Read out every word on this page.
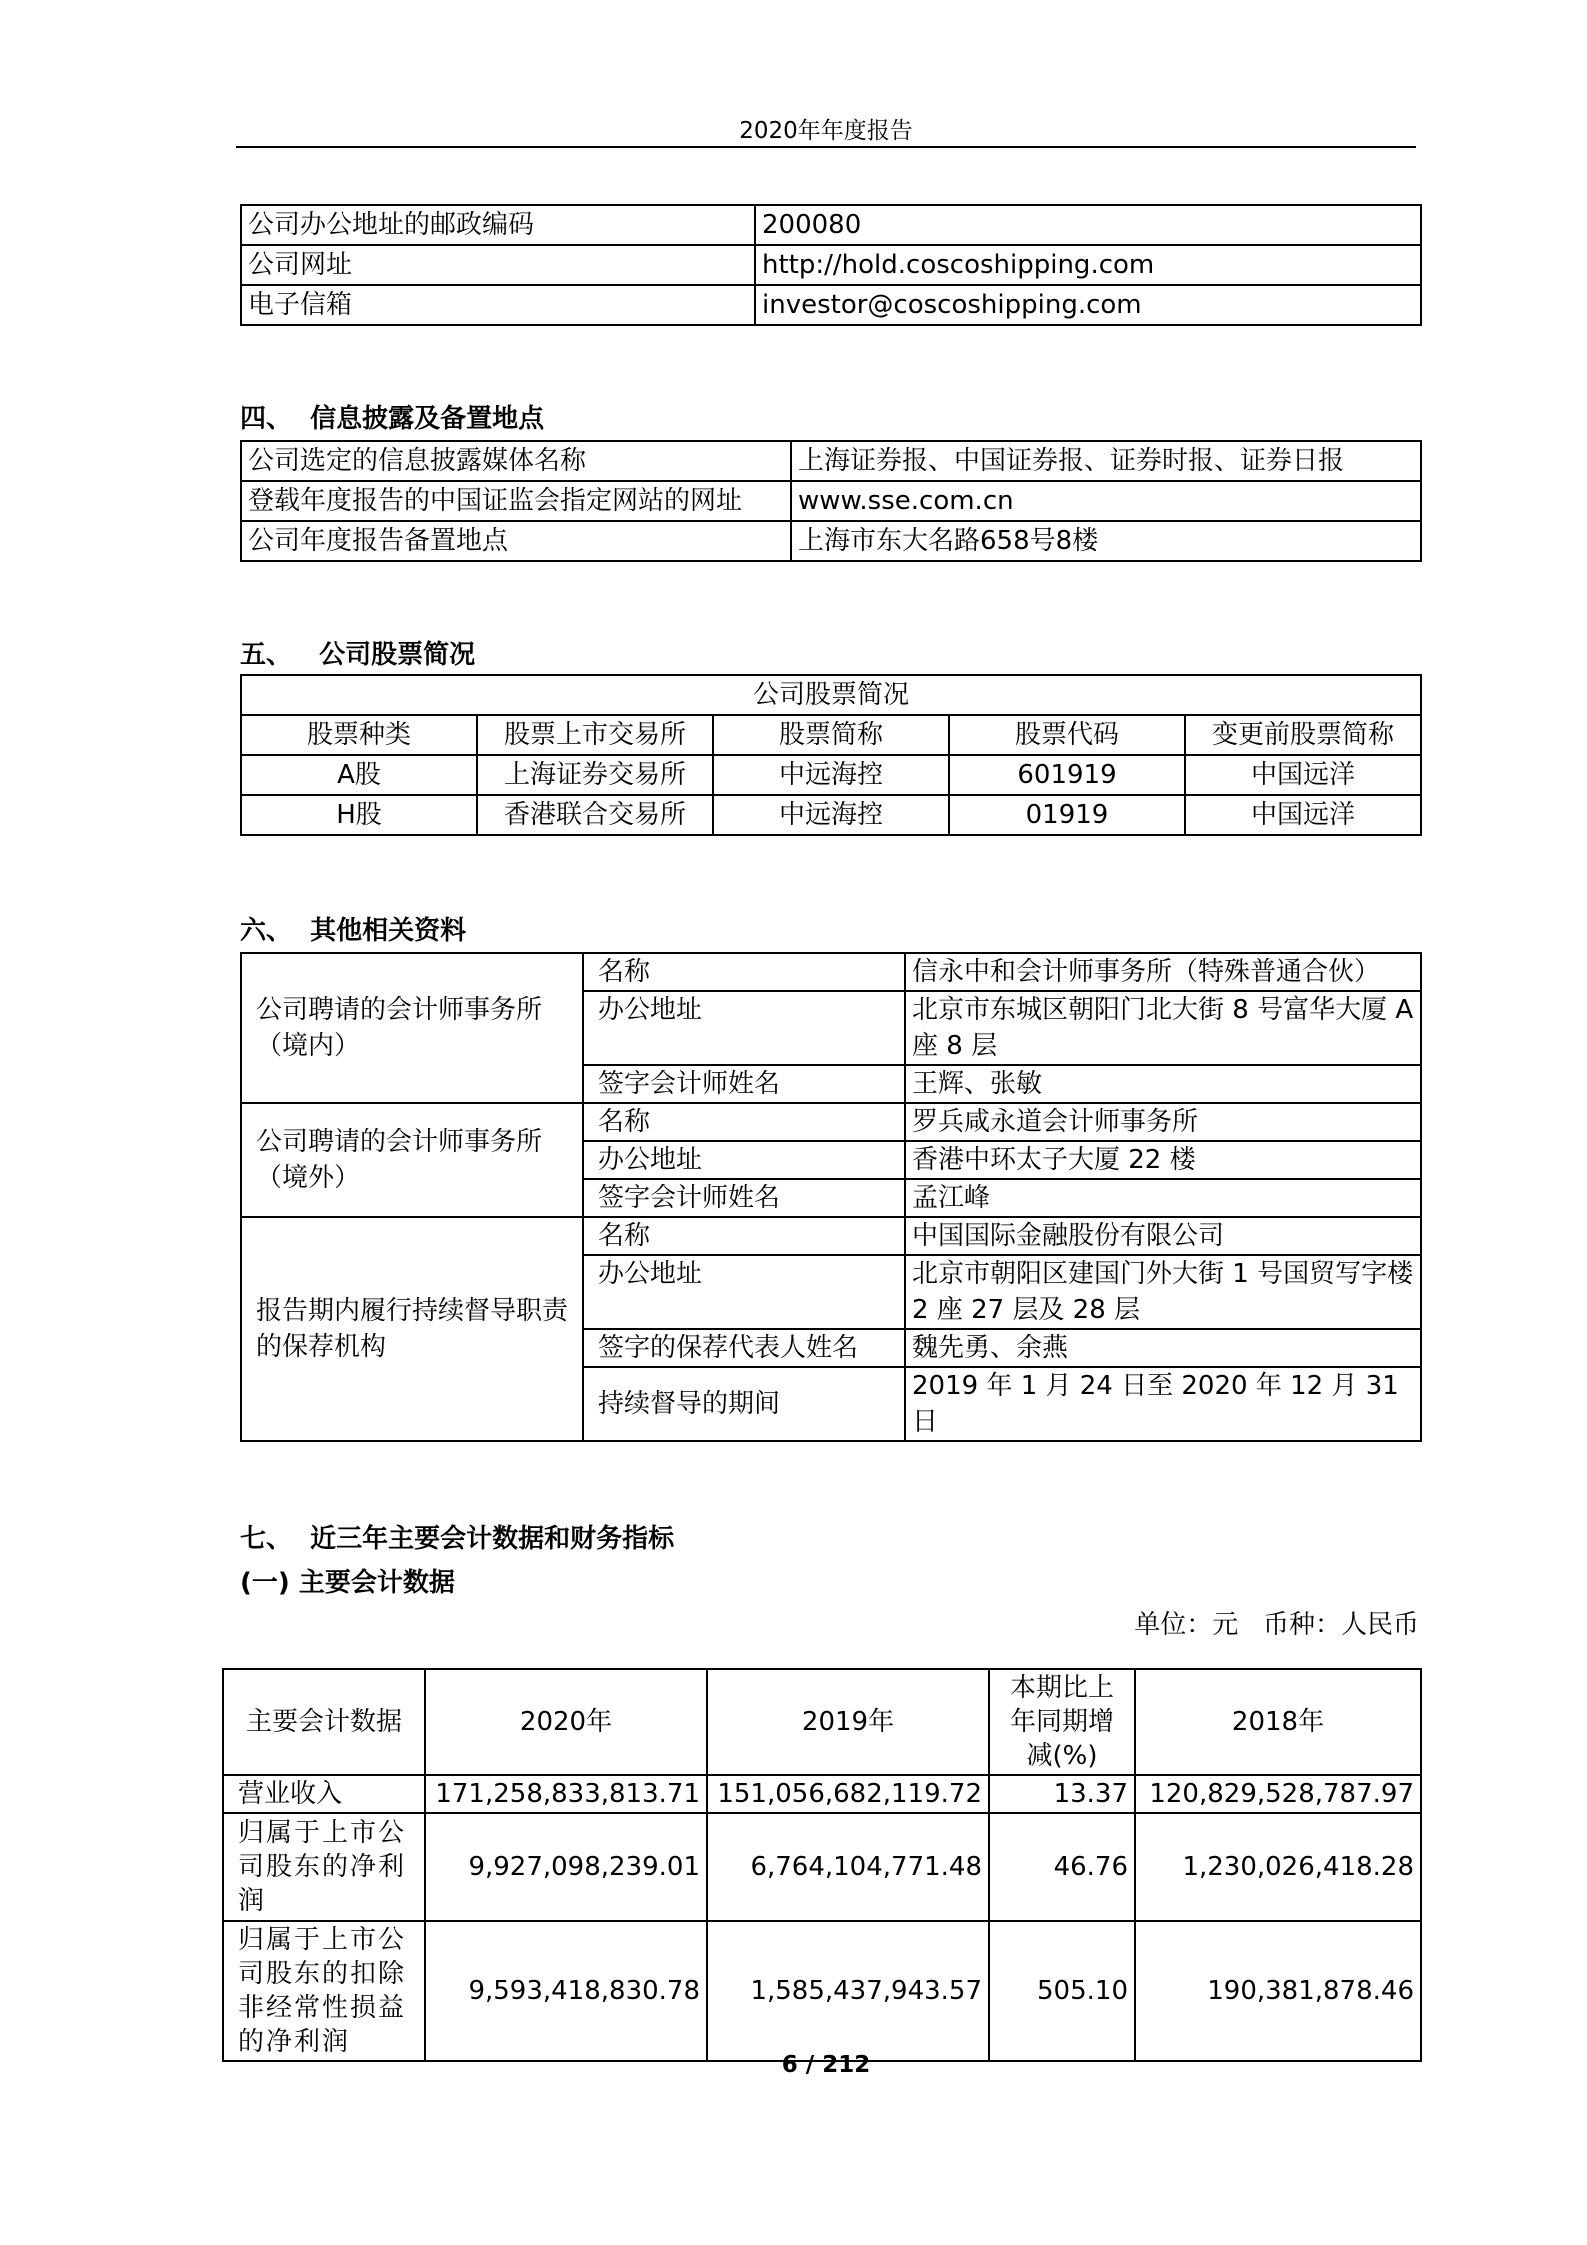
2020年年度报告
公司办公地址的邮政编码	200080
公司网址	http://hold.coscoshipping.com
电子信箱	investor@coscoshipping.com
四、  信息披露及备置地点
公司选定的信息披露媒体名称	上海证券报、中国证券报、证券时报、证券日报
登载年度报告的中国证监会指定网站的网址	www.sse.com.cn
公司年度报告备置地点	上海市东大名路658号8楼
五、   公司股票简况
公司股票简况				
股票种类	股票上市交易所	股票简称	股票代码	变更前股票简称
A股	上海证券交易所	中远海控	601919	中国远洋
H股	香港联合交易所	中远海控	01919	中国远洋
六、  其他相关资料
公司聘请的会计师事务所（境内）	名称	信永中和会计师事务所（特殊普通合伙）
	办公地址	北京市东城区朝阳门北大街 8 号富华大厦 A 座 8 层
	签字会计师姓名	王辉、张敏
公司聘请的会计师事务所（境外）	名称	罗兵咸永道会计师事务所
	办公地址	香港中环太子大厦 22 楼
	签字会计师姓名	孟江峰
报告期内履行持续督导职责的保荐机构	名称	中国国际金融股份有限公司
	办公地址	北京市朝阳区建国门外大街 1 号国贸写字楼 2 座 27 层及 28 层
	签字的保荐代表人姓名	魏先勇、余燕
	持续督导的期间	2019 年 1 月 24 日至 2020 年 12 月 31 日
七、  近三年主要会计数据和财务指标
(一) 主要会计数据
单位：元   币种：人民币
主要会计数据	2020年	2019年	本期比上年同期增减(%)	2018年
营业收入	171,258,833,813.71	151,056,682,119.72	13.37	120,829,528,787.97
归属于上市公司股东的净利润	9,927,098,239.01	6,764,104,771.48	46.76	1,230,026,418.28
归属于上市公司股东的扣除非经常性损益的净利润	9,593,418,830.78	1,585,437,943.57	505.10	190,381,878.46
6 / 212
